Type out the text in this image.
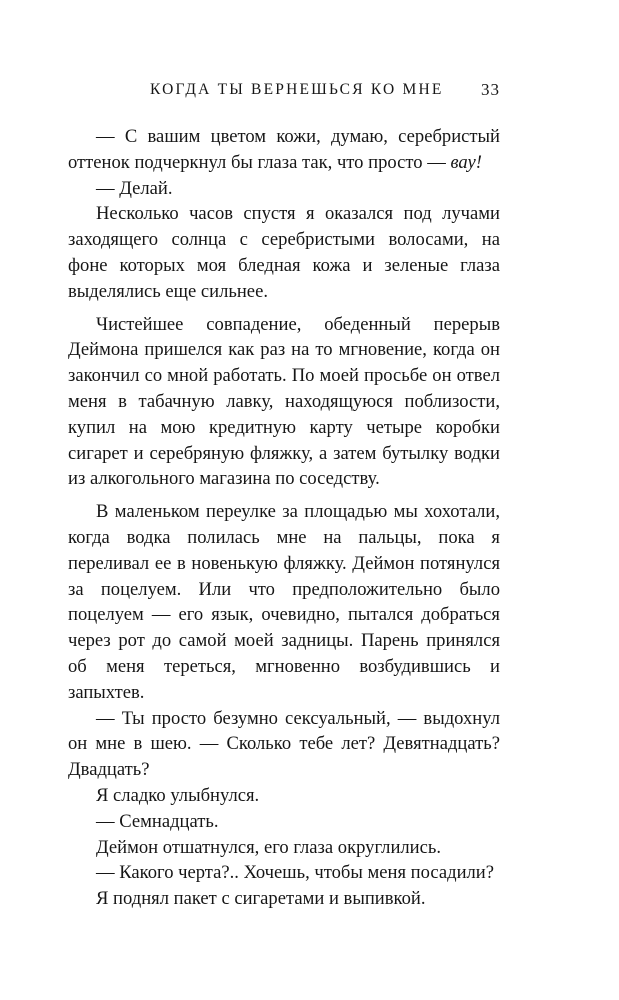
КОГДА ТЫ ВЕРНЕШЬСЯ КО МНЕ 33

— С вашим цветом кожи, думаю, серебристый оттенок подчеркнул бы глаза так, что просто — вау!

— Делай.

Несколько часов спустя я оказался под лучами заходящего солнца с серебристыми волосами, на фоне которых моя бледная кожа и зеленые глаза выделялись еще сильнее.

Чистейшее совпадение, обеденный перерыв Деймона пришелся как раз на то мгновение, когда он закончил со мной работать. По моей просьбе он отвел меня в табачную лавку, находящуюся поблизости, купил на мою кредитную карту четыре коробки сигарет и серебряную фляжку, а затем бутылку водки из алкогольного магазина по соседству.

В маленьком переулке за площадью мы хохотали, когда водка полилась мне на пальцы, пока я переливал ее в новенькую фляжку. Деймон потянулся за поцелуем. Или что предположительно было поцелуем — его язык, очевидно, пытался добраться через рот до самой моей задницы. Парень принялся об меня тереться, мгновенно возбудившись и запыхтев.

— Ты просто безумно сексуальный, — выдохнул он мне в шею. — Сколько тебе лет? Девятнадцать? Двадцать?

Я сладко улыбнулся.

— Семнадцать.

Деймон отшатнулся, его глаза округлились.

— Какого черта?.. Хочешь, чтобы меня посадили?

Я поднял пакет с сигаретами и выпивкой.
